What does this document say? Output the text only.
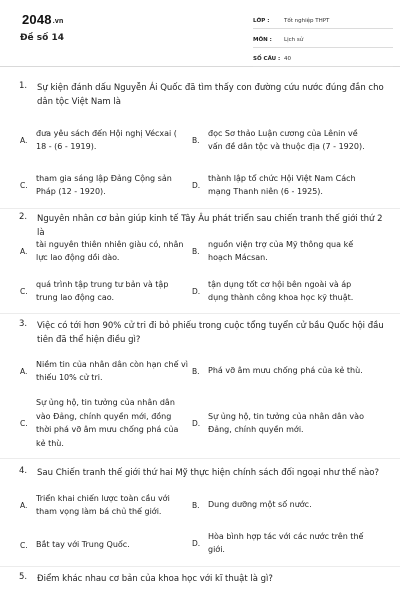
2048.vn
Đề số 14
LỚP :	Tốt nghiệp THPT
MÔN :	Lịch sử
SỐ CÂU : 40
1. Sự kiện đánh dấu Nguyễn Ái Quốc đã tìm thấy con đường cứu nước đúng đắn cho dân tộc Việt Nam là
A.
đưa yêu sách đến Hội nghị Vécxai ( 18 - (6 - 1919).
B.
đọc Sơ thảo Luận cương của Lênin về vấn đề dân tộc và thuộc địa (7 - 1920).
C.
tham gia sáng lập Đảng Cộng sản Pháp (12 - 1920).
D.
thành lập tổ chức Hội Việt Nam Cách mạng Thanh niên (6 - 1925).
2. Nguyên nhân cơ bản giúp kinh tế Tây Âu phát triển sau chiến tranh thế giới thứ 2 là
A.
tài nguyên thiên nhiên giàu có, nhân lực lao động dồi dào.
B.
nguồn viện trợ của Mỹ thông qua kế hoạch Mácsan.
C.
quá trình tập trung tư bản và tập trung lao động cao.
D.
tận dụng tốt cơ hội bên ngoài và áp dụng thành công khoa học kỹ thuật.
3. Việc có tới hơn 90% cử tri đi bỏ phiếu trong cuộc tổng tuyển cử bầu Quốc hội đầu tiên đã thể hiện điều gì?
A.
Niềm tin của nhân dân còn hạn chế vì thiếu 10% cử tri.
B.	Phá vỡ âm mưu chống phá của kẻ thù.
C.
Sự ủng hộ, tin tưởng của nhân dân vào Đảng, chính quyền mới, đồng thời phá vỡ âm mưu chống phá của kẻ thù.
D.
Sự ủng hộ, tin tưởng của nhân dân vào Đảng, chính quyền mới.
4. Sau Chiến tranh thế giới thứ hai Mỹ thực hiện chính sách đối ngoại như thế nào?
A.
Triển khai chiến lược toàn cầu với tham vọng làm bá chủ thế giới.
B.	Dung dưỡng một số nước.
C.	Bắt tay với Trung Quốc.	D.
Hòa bình hợp tác với các nước trên thế giới.
5. Điểm khác nhau cơ bản của khoa học với kĩ thuật là gì?
